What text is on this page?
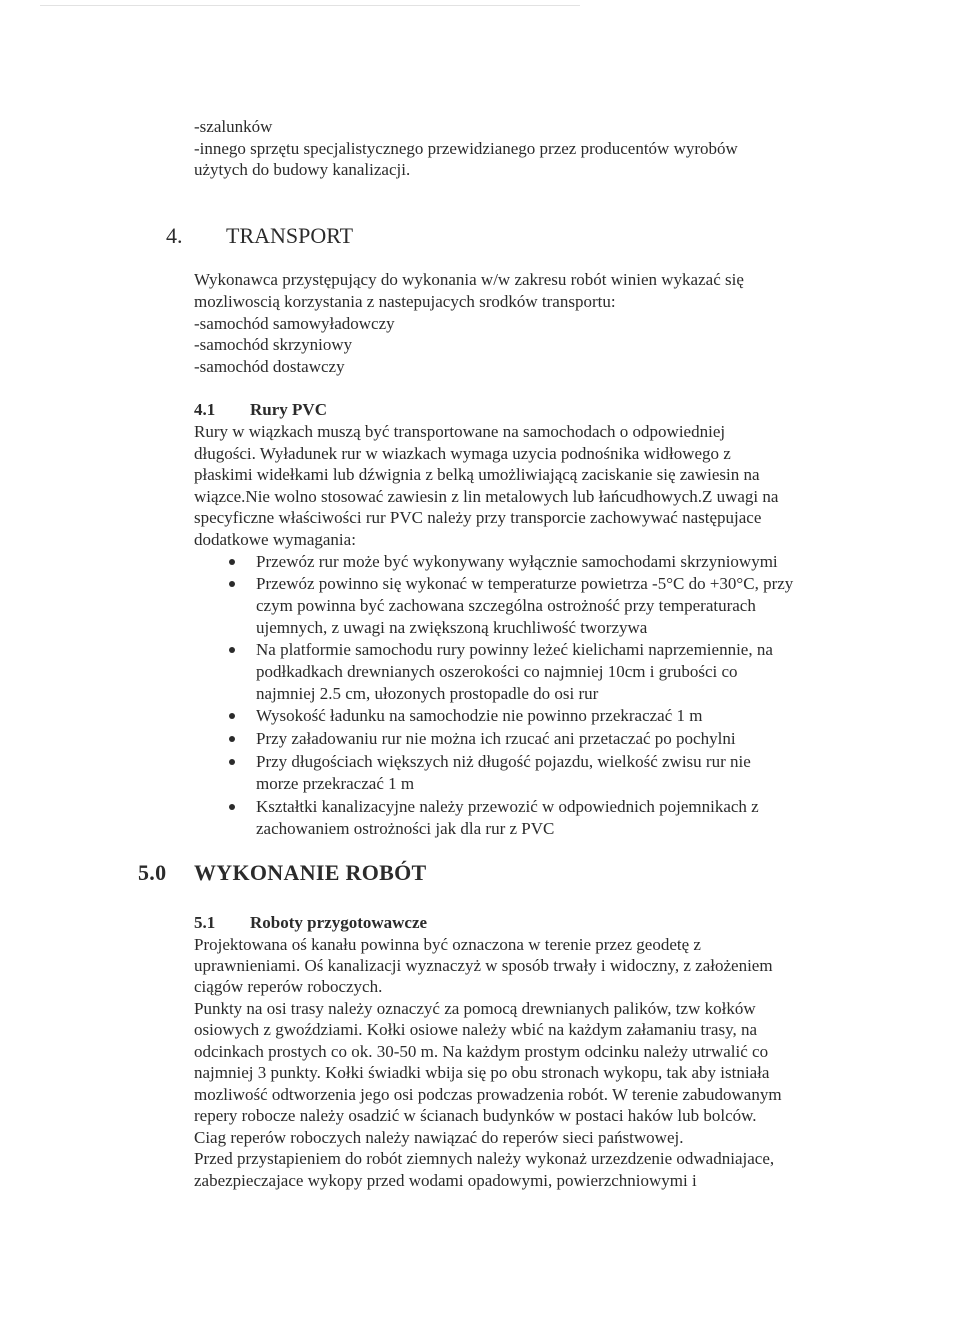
-szalunków
-innego sprzętu specjalistycznego przewidzianego przez producentów wyrobów
użytych do budowy kanalizacji.
4. TRANSPORT
Wykonawca przystępujący do wykonania w/w zakresu robót winien wykazać się
mozliwoscią korzystania z nastepujacych srodków transportu:
-samochód samowyładowczy
-samochód skrzyniowy
-samochód dostawczy
4.1 Rury PVC
Rury w wiązkach muszą być transportowane na samochodach o odpowiedniej
długości. Wyładunek rur w wiazkach wymaga uzycia podnośnika widłowego z
płaskimi widełkami lub dźwignia z belką umożliwiającą zaciskanie się zawiesin na
wiązce.Nie wolno stosować zawiesin z lin metalowych lub łańcudhowych.Z uwagi na
specyficzne właściwości rur PVC należy przy transporcie zachowywać następujace
dodatkowe wymagania:
Przewóz rur może być wykonywany wyłącznie samochodami skrzyniowymi
Przewóz powinno się wykonać w temperaturze powietrza -5°C do +30°C, przy
czym powinna być zachowana szczególna ostrożność przy temperaturach
ujemnych, z uwagi na zwiększoną kruchliwość tworzywa
Na platformie samochodu rury powinny leżeć kielichami naprzemiennie, na
podłkadkach drewnianych oszerokości co najmniej 10cm i grubości co
najmniej 2.5 cm, ułozonych prostopadle do osi rur
Wysokość ładunku na samochodzie nie powinno przekraczać 1 m
Przy załadowaniu rur nie można ich rzucać ani przetaczać po pochylni
Przy długościach większych niż długość pojazdu, wielkość zwisu rur nie
morze przekraczać 1 m
Kształtki kanalizacyjne należy przewozić w odpowiednich pojemnikach z
zachowaniem ostrożności jak dla rur z PVC
5.0 WYKONANIE ROBÓT
5.1 Roboty przygotowawcze
Projektowana oś kanału powinna być oznaczona w terenie przez geodetę z
uprawnieniami. Oś kanalizacji wyznaczyż w sposób trwały i widoczny, z założeniem
ciągów reperów roboczych.
Punkty na osi trasy należy oznaczyć za pomocą drewnianych palików, tzw kołków
osiowych z gwoździami. Kołki osiowe należy wbić na każdym załamaniu trasy, na
odcinkach prostych co ok. 30-50 m. Na każdym prostym odcinku należy utrwalić co
najmniej 3 punkty. Kołki świadki wbija się po obu stronach wykopu, tak aby istniała
mozliwość odtworzenia jego osi podczas prowadzenia robót. W terenie zabudowanym
repery robocze należy osadzić w ścianach budynków w postaci haków lub bolców.
Ciag reperów roboczych należy nawiązać do reperów sieci państwowej.
Przed przystapieniem do robót ziemnych należy wykonaż urzezdzenie odwadniajace,
zabezpieczajace wykopy przed wodami opadowymi, powierzchniowymi i
